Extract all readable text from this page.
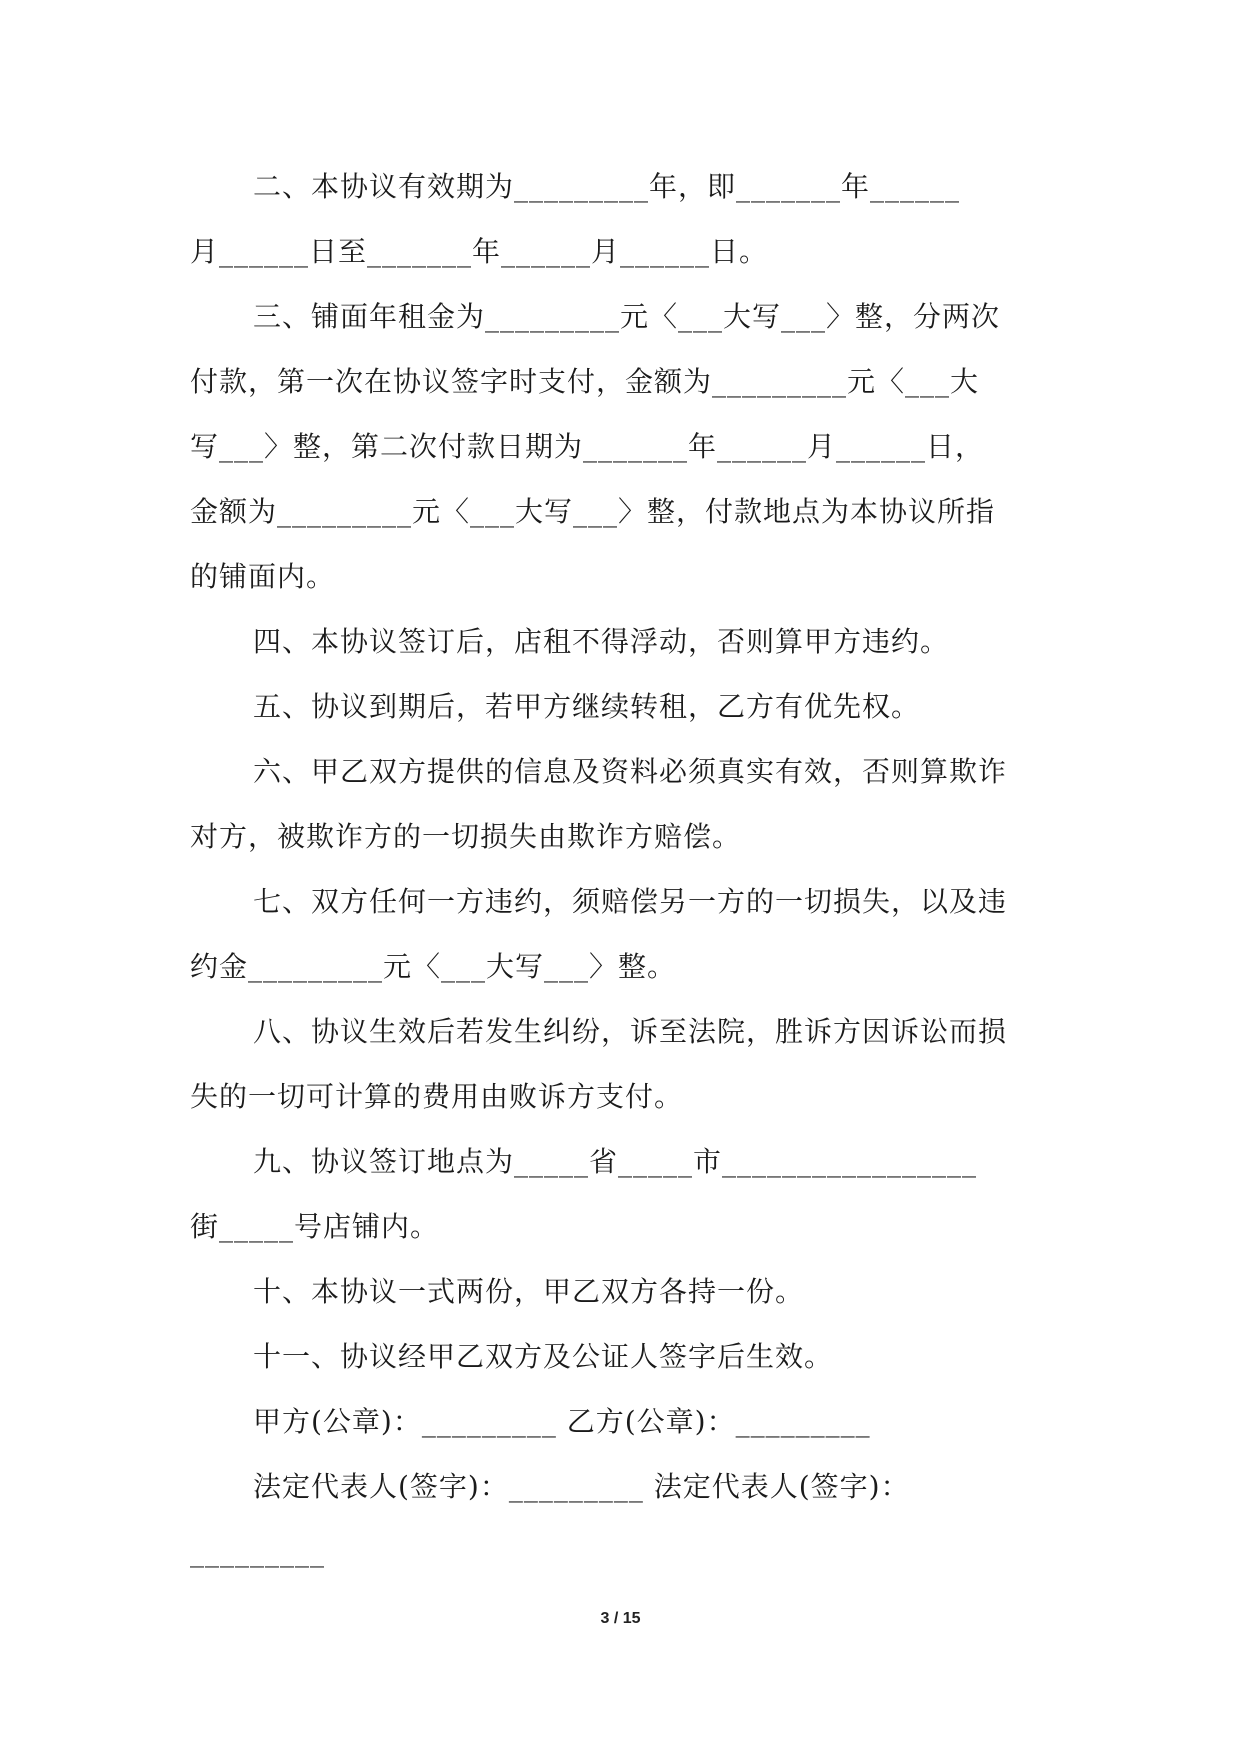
二、本协议有效期为_________年，即_______年______
月______日至_______年______月______日。
三、铺面年租金为_________元〈___大写___〉整，分两次
付款，第一次在协议签字时支付，金额为_________元〈___大
写___〉整，第二次付款日期为_______年______月______日，
金额为_________元〈___大写___〉整，付款地点为本协议所指
的铺面内。
四、本协议签订后，店租不得浮动，否则算甲方违约。
五、协议到期后，若甲方继续转租，乙方有优先权。
六、甲乙双方提供的信息及资料必须真实有效，否则算欺诈
对方，被欺诈方的一切损失由欺诈方赔偿。
七、双方任何一方违约，须赔偿另一方的一切损失，以及违
约金_________元〈___大写___〉整。
八、协议生效后若发生纠纷，诉至法院，胜诉方因诉讼而损
失的一切可计算的费用由败诉方支付。
九、协议签订地点为_____省_____市_________________
街_____号店铺内。
十、本协议一式两份，甲乙双方各持一份。
十一、协议经甲乙双方及公证人签字后生效。
甲方(公章)：_________ 乙方(公章)：_________
法定代表人(签字)：_________ 法定代表人(签字)：
_________
3 / 15
